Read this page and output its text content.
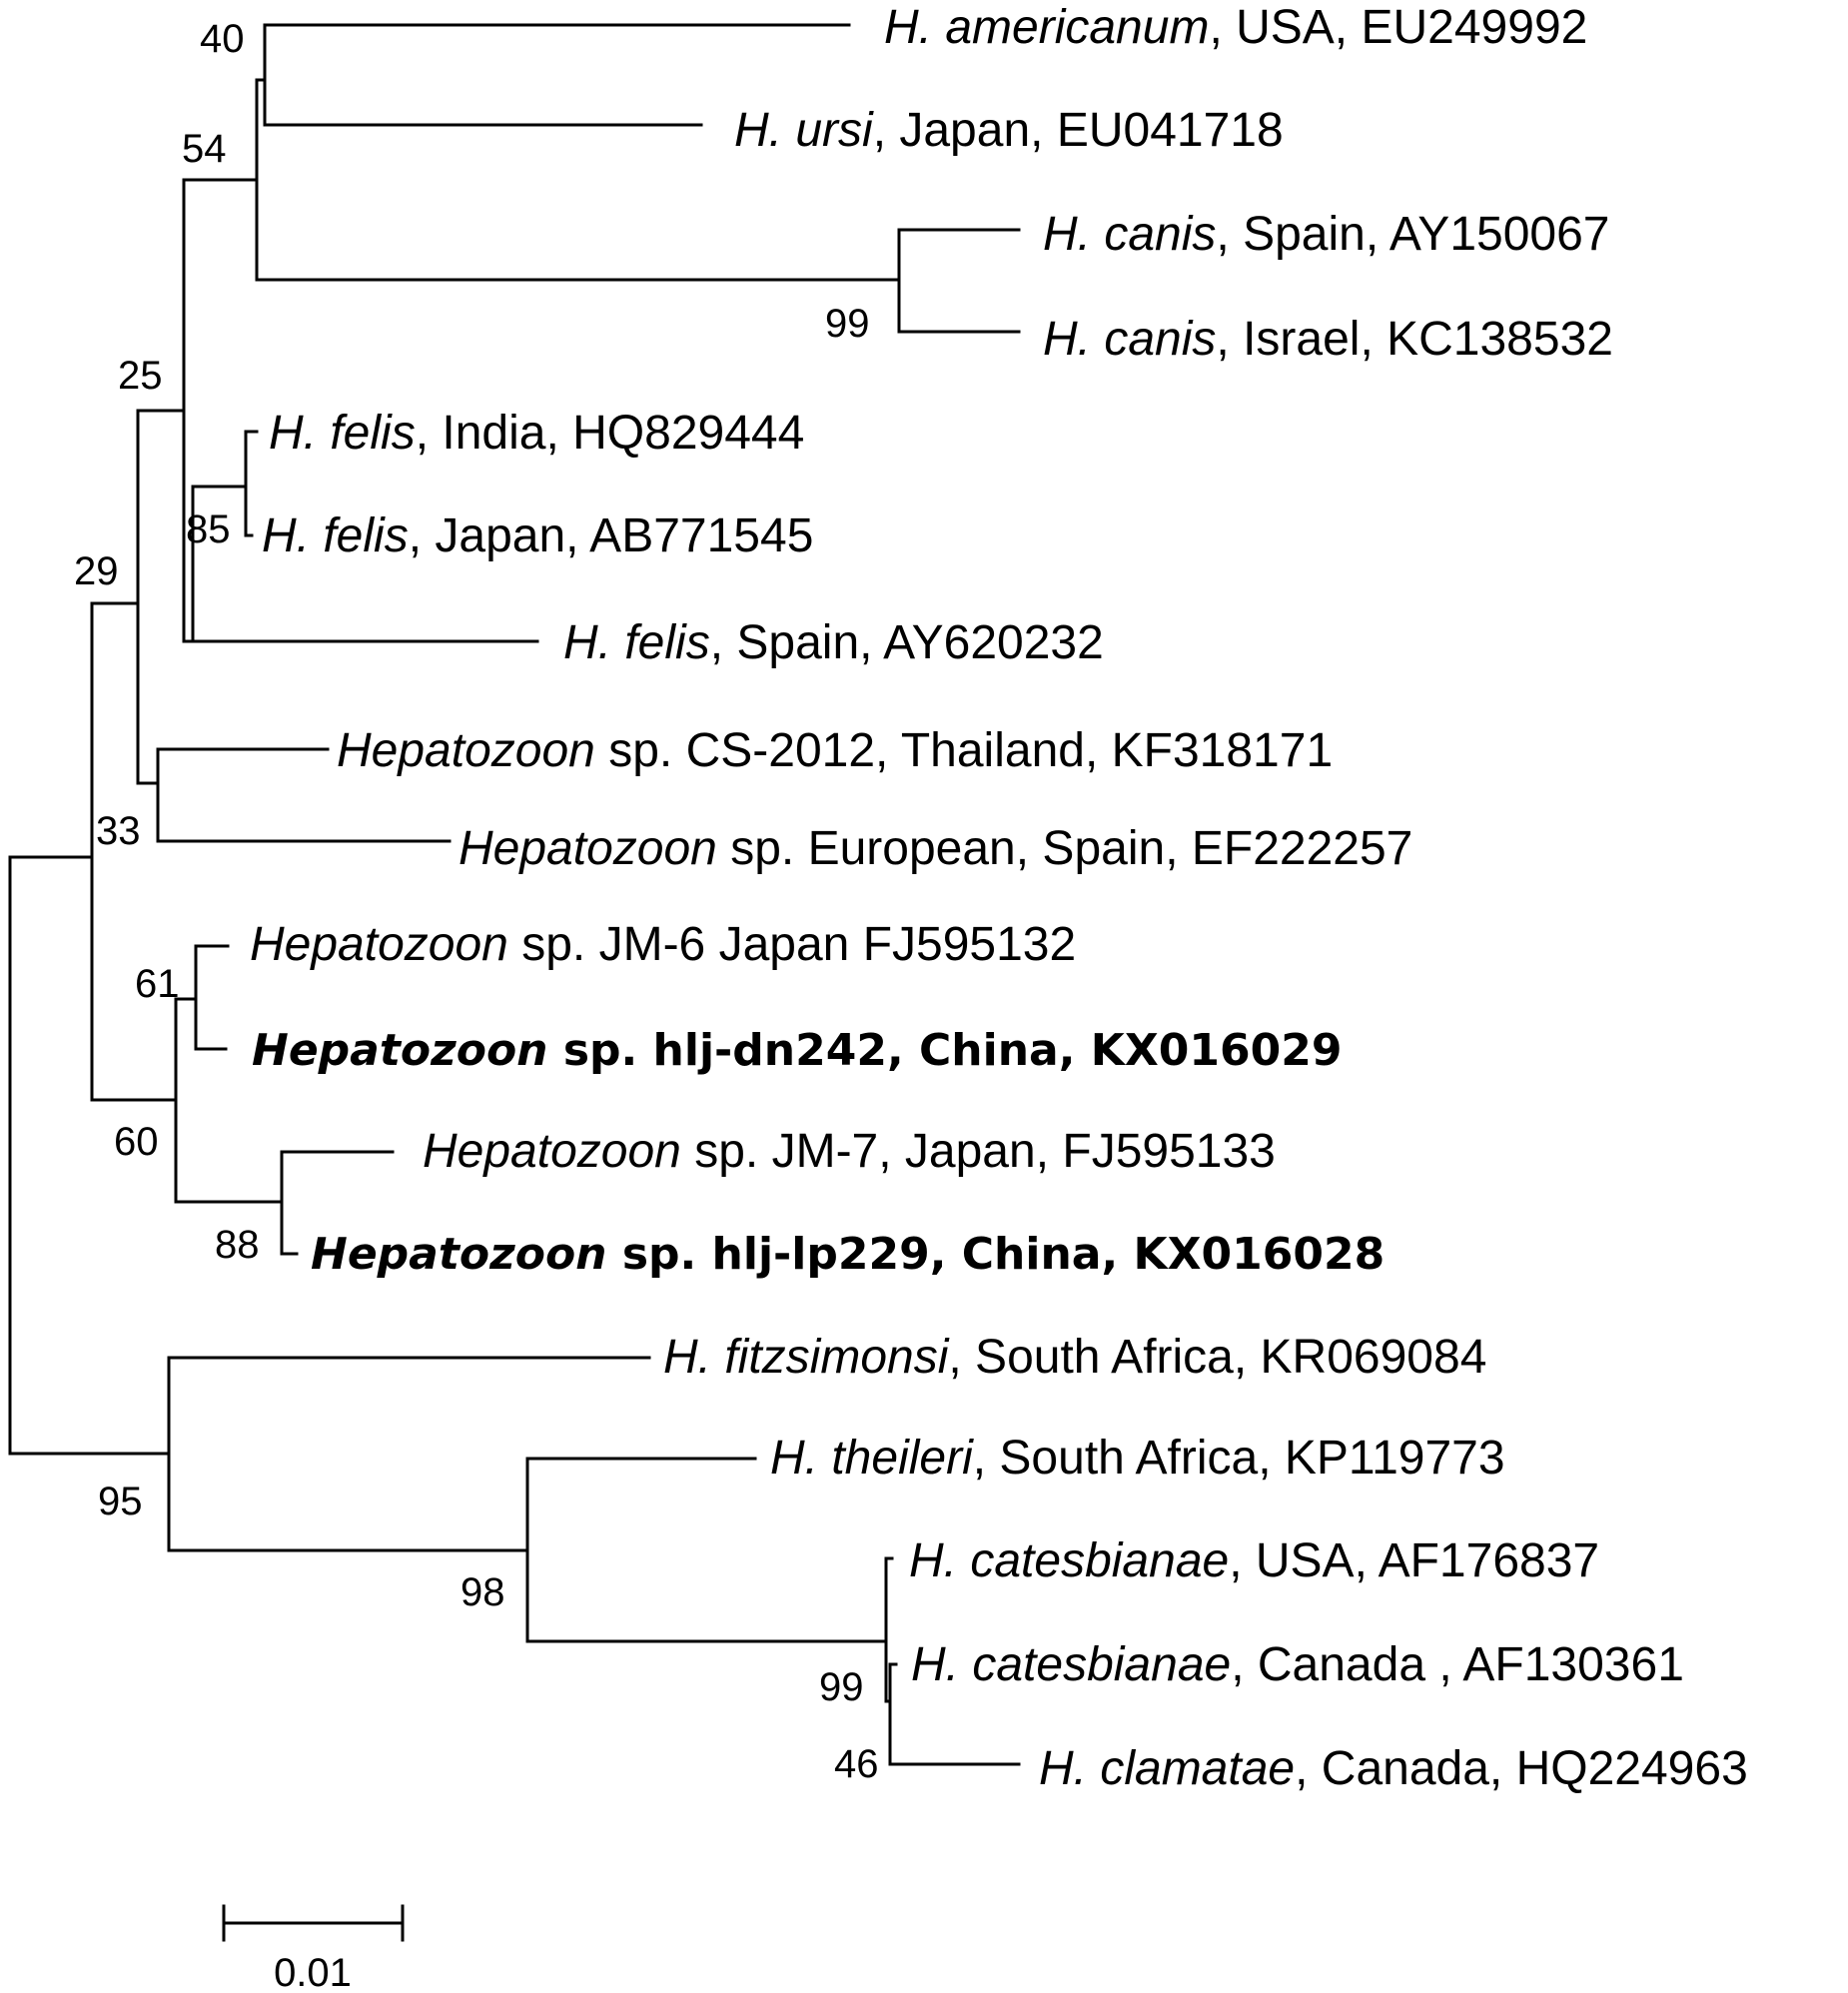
H. americanum, USA, EU249992
H. ursi, Japan, EU041718
H. canis, Spain, AY150067
H. canis, Israel, KC138532
H. felis, India, HQ829444
H. felis, Japan, AB771545
H. felis, Spain, AY620232
Hepatozoon sp. CS-2012, Thailand, KF318171
Hepatozoon sp. European, Spain, EF222257
Hepatozoon sp. JM-6 Japan FJ595132
Hepatozoon sp. hlj-dn242, China, KX016029
Hepatozoon sp. JM-7, Japan, FJ595133
Hepatozoon sp. hlj-lp229, China, KX016028
H. fitzsimonsi, South Africa, KR069084
H. theileri, South Africa, KP119773
H. catesbianae, USA, AF176837
H. catesbianae, Canada , AF130361
H. clamatae, Canada, HQ224963
40
54
99
25
85
29
33
61
60
88
95
98
99
46
0.01
